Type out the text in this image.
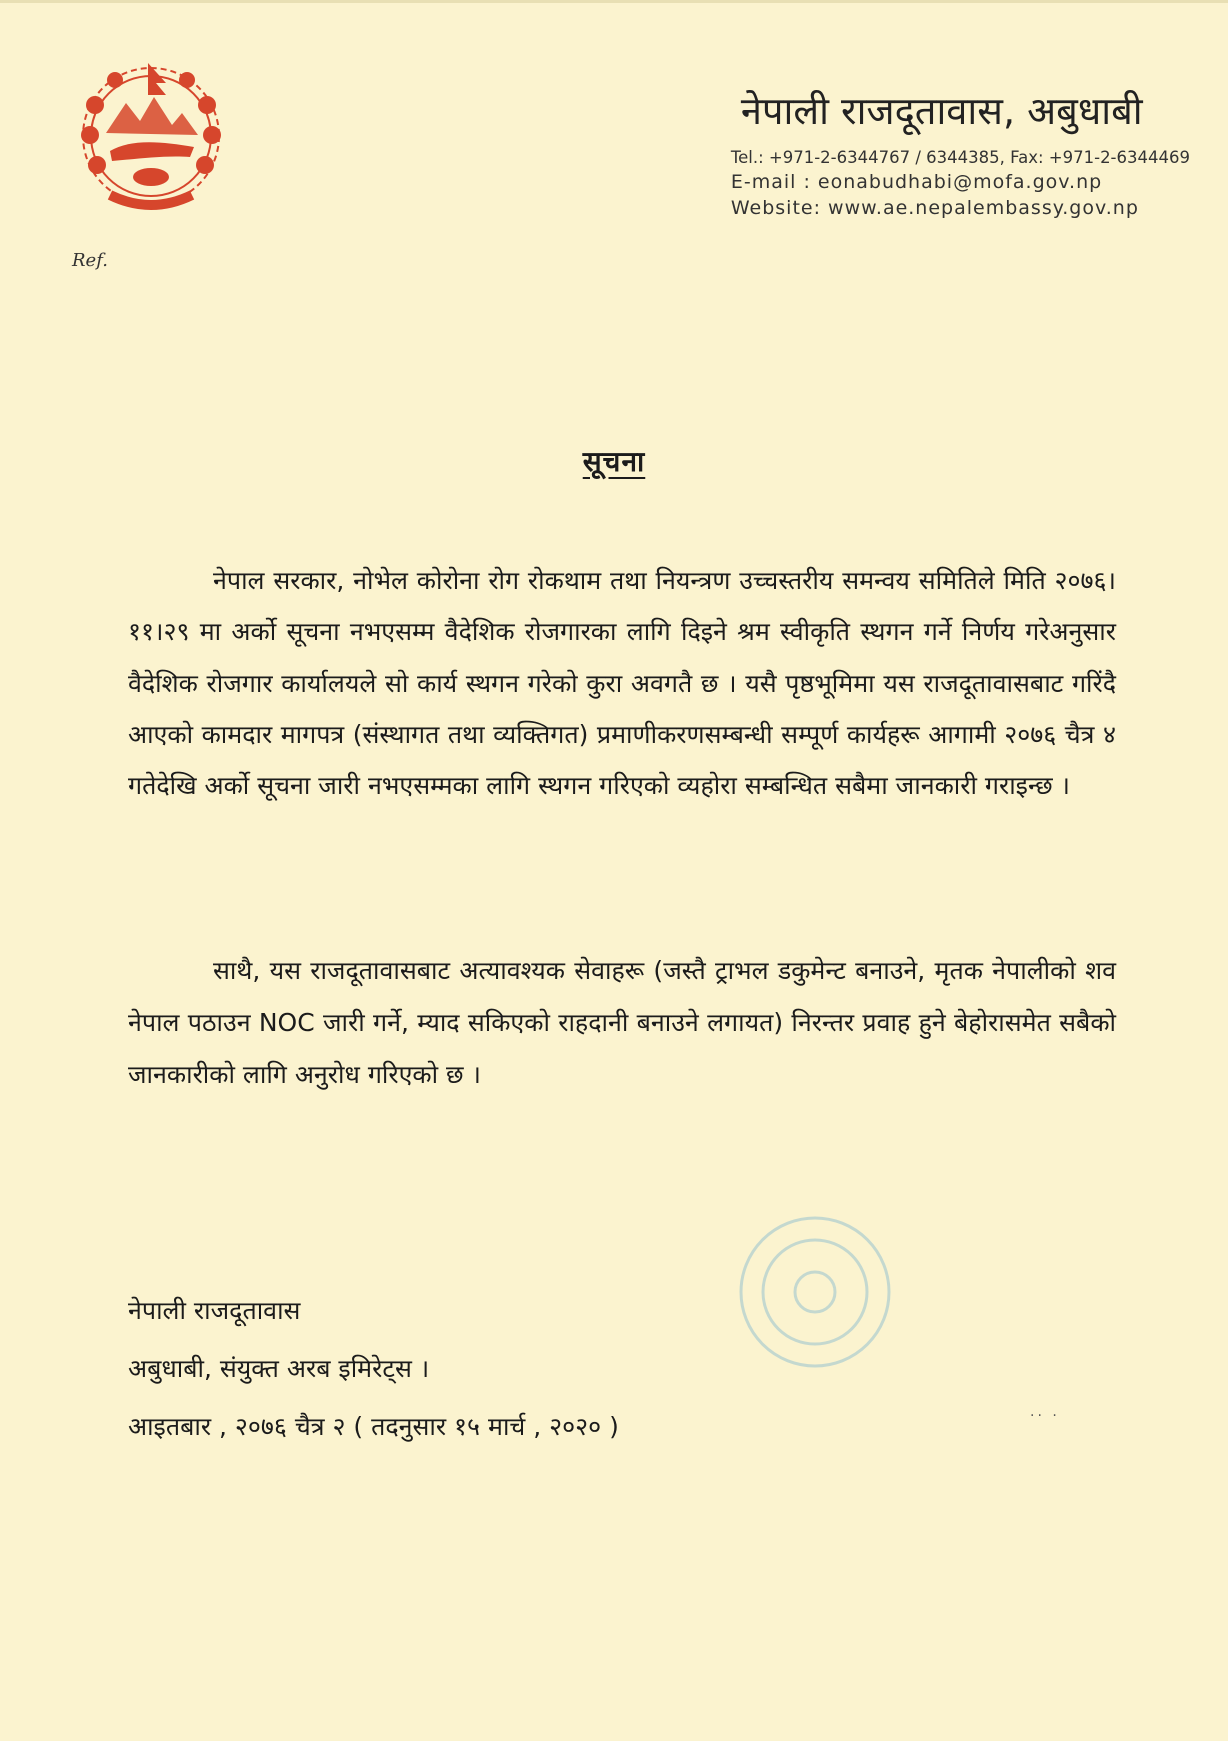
नेपाली राजदूतावास, अबुधाबी
Tel.: +971-2-6344767 / 6344385, Fax: +971-2-6344469
E-mail : eonabudhabi@mofa.gov.np
Website: www.ae.nepalembassy.gov.np
Ref.
सूचना
नेपाल सरकार, नोभेल कोरोना रोग रोकथाम तथा नियन्त्रण उच्चस्तरीय समन्वय समितिले मिति २०७६।११।२९ मा अर्को सूचना नभएसम्म वैदेशिक रोजगारका लागि दिइने श्रम स्वीकृति स्थगन गर्ने निर्णय गरेअनुसार वैदेशिक रोजगार कार्यालयले सो कार्य स्थगन गरेको कुरा अवगतै छ । यसै पृष्ठभूमिमा यस राजदूतावासबाट गरिंदै आएको कामदार मागपत्र (संस्थागत तथा व्यक्तिगत) प्रमाणीकरणसम्बन्धी सम्पूर्ण कार्यहरू आगामी २०७६ चैत्र ४ गतेदेखि अर्को सूचना जारी नभएसम्मका लागि स्थगन गरिएको व्यहोरा सम्बन्धित सबैमा जानकारी गराइन्छ ।
साथै, यस राजदूतावासबाट अत्यावश्यक सेवाहरू (जस्तै ट्राभल डकुमेन्ट बनाउने, मृतक नेपालीको शव नेपाल पठाउन NOC जारी गर्ने, म्याद सकिएको राहदानी बनाउने लगायत) निरन्तर प्रवाह हुने बेहोरासमेत सबैको जानकारीको लागि अनुरोध गरिएको छ ।
नेपाली राजदूतावास
अबुधाबी, संयुक्त अरब इमिरेट्स ।
आइतबार , २०७६ चैत्र २ ( तदनुसार १५ मार्च , २०२० )	·· ·
